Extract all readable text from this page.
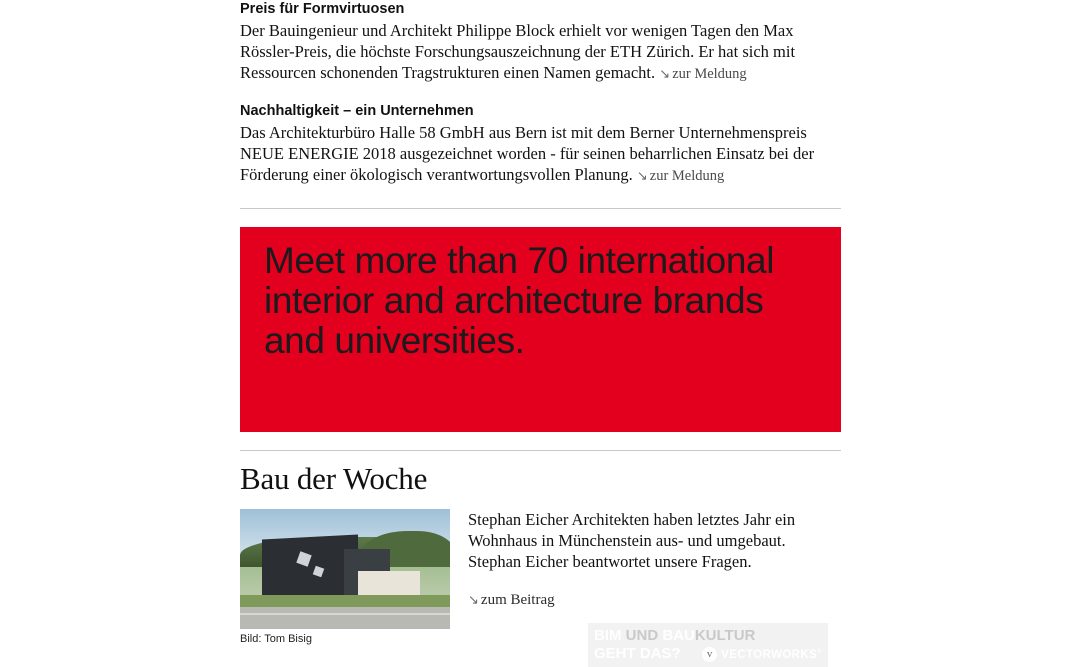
Preis für Formvirtuosen

Der Bauingenieur und Architekt Philippe Block erhielt vor wenigen Tagen den Max Rössler-Preis, die höchste Forschungsauszeichnung der ETH Zürich. Er hat sich mit Ressourcen schonenden Tragstrukturen einen Namen gemacht. ↘ zur Meldung

Nachhaltigkeit – ein Unternehmen

Das Architekturbüro Halle 58 GmbH aus Bern ist mit dem Berner Unternehmenspreis NEUE ENERGIE 2018 ausgezeichnet worden - für seinen beharrlichen Einsatz bei der Förderung einer ökologisch verantwortungsvollen Planung. ↘ zur Meldung

Meet more than 70 international interior and architecture brands and universities.

Bau der Woche
Bild: Tom Bisig

Stephan Eicher Architekten haben letztes Jahr ein Wohnhaus in Münchenstein aus- und umgebaut. Stephan Eicher beantwortet unsere Fragen.

↘ zum Beitrag
BIM UND BAUKULTUR
GEHT DAS?	v VECTORWORKS®
